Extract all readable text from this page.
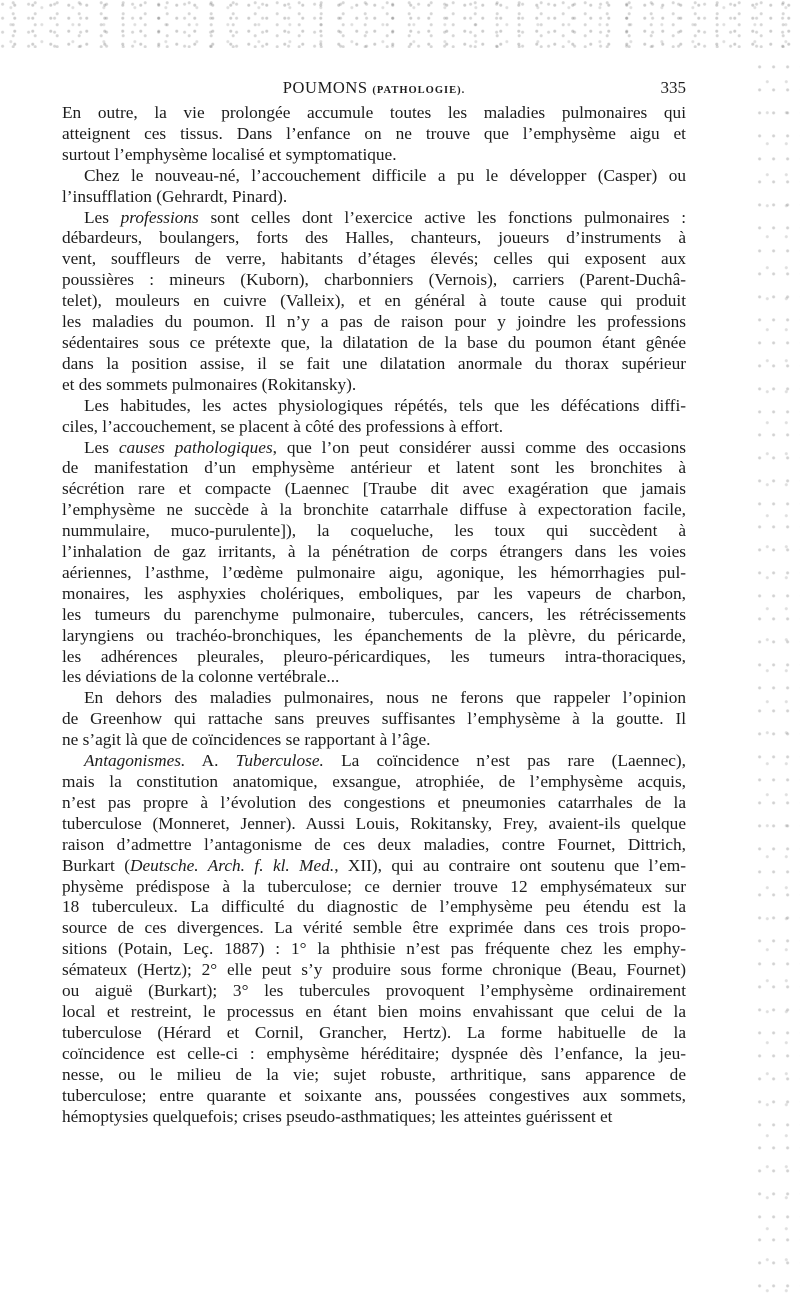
POUMONS (PATHOLOGIE).	335

En outre, la vie prolongée accumule toutes les maladies pulmonaires qui

atteignent ces tissus. Dans l’enfance on ne trouve que l’emphysème aigu et

surtout l’emphysème localisé et symptomatique.

Chez le nouveau-né, l’accouchement difficile a pu le développer (Casper) ou

l’insufflation (Gehrardt, Pinard).

Les professions sont celles dont l’exercice active les fonctions pulmonaires :

débardeurs, boulangers, forts des Halles, chanteurs, joueurs d’instruments à

vent, souffleurs de verre, habitants d’étages élevés; celles qui exposent aux

poussières : mineurs (Kuborn), charbonniers (Vernois), carriers (Parent-Duchâ-

telet), mouleurs en cuivre (Valleix), et en général à toute cause qui produit

les maladies du poumon. Il n’y a pas de raison pour y joindre les professions

sédentaires sous ce prétexte que, la dilatation de la base du poumon étant gênée

dans la position assise, il se fait une dilatation anormale du thorax supérieur

et des sommets pulmonaires (Rokitansky).

Les habitudes, les actes physiologiques répétés, tels que les défécations diffi-

ciles, l’accouchement, se placent à côté des professions à effort.

Les causes pathologiques, que l’on peut considérer aussi comme des occasions

de manifestation d’un emphysème antérieur et latent sont les bronchites à

sécrétion rare et compacte (Laennec [Traube dit avec exagération que jamais

l’emphysème ne succède à la bronchite catarrhale diffuse à expectoration facile,

nummulaire, muco-purulente]), la coqueluche, les toux qui succèdent à

l’inhalation de gaz irritants, à la pénétration de corps étrangers dans les voies

aériennes, l’asthme, l’œdème pulmonaire aigu, agonique, les hémorrhagies pul-

monaires, les asphyxies cholériques, emboliques, par les vapeurs de charbon,

les tumeurs du parenchyme pulmonaire, tubercules, cancers, les rétrécissements

laryngiens ou trachéo-bronchiques, les épanchements de la plèvre, du péricarde,

les adhérences pleurales, pleuro-péricardiques, les tumeurs intra-thoraciques,

les déviations de la colonne vertébrale...

En dehors des maladies pulmonaires, nous ne ferons que rappeler l’opinion

de Greenhow qui rattache sans preuves suffisantes l’emphysème à la goutte. Il

ne s’agit là que de coïncidences se rapportant à l’âge.

Antagonismes. A. Tuberculose. La coïncidence n’est pas rare (Laennec),

mais la constitution anatomique, exsangue, atrophiée, de l’emphysème acquis,

n’est pas propre à l’évolution des congestions et pneumonies catarrhales de la

tuberculose (Monneret, Jenner). Aussi Louis, Rokitansky, Frey, avaient-ils quelque

raison d’admettre l’antagonisme de ces deux maladies, contre Fournet, Dittrich,

Burkart (Deutsche. Arch. f. kl. Med., XII), qui au contraire ont soutenu que l’em-

physème prédispose à la tuberculose; ce dernier trouve 12 emphysémateux sur

18 tuberculeux. La difficulté du diagnostic de l’emphysème peu étendu est la

source de ces divergences. La vérité semble être exprimée dans ces trois propo-

sitions (Potain, Leç. 1887) : 1° la phthisie n’est pas fréquente chez les emphy-

sémateux (Hertz); 2° elle peut s’y produire sous forme chronique (Beau, Fournet)

ou aiguë (Burkart); 3° les tubercules provoquent l’emphysème ordinairement

local et restreint, le processus en étant bien moins envahissant que celui de la

tuberculose (Hérard et Cornil, Grancher, Hertz). La forme habituelle de la

coïncidence est celle-ci : emphysème héréditaire; dyspnée dès l’enfance, la jeu-

nesse, ou le milieu de la vie; sujet robuste, arthritique, sans apparence de

tuberculose; entre quarante et soixante ans, poussées congestives aux sommets,

hémoptysies quelquefois; crises pseudo-asthmatiques; les atteintes guérissent et
